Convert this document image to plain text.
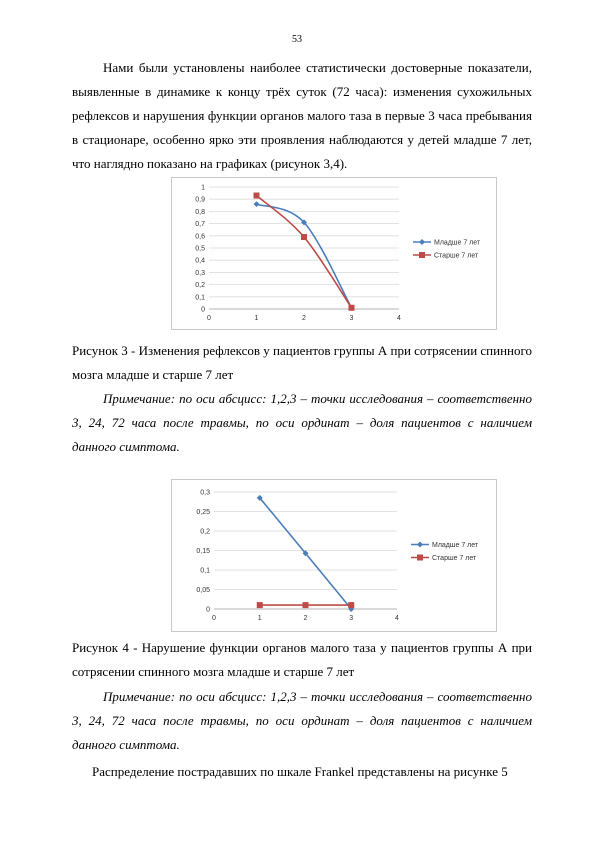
53

Нами были установлены наиболее статистически достоверные показатели, выявленные в динамике к концу трёх суток (72 часа): изменения сухожильных рефлексов и нарушения функции органов малого таза в первые 3 часа пребывания в стационаре, особенно ярко эти проявления наблюдаются у детей младше 7 лет, что наглядно показано на графиках (рисунок 3,4).

0
0,1
0,2
0,3
0,4
0,5
0,6
0,7
0,8
0,9
1
0	1	2	3	4
Младше 7 лет
Старше 7 лет

Рисунок 3 - Изменения рефлексов у пациентов группы А при сотрясении спинного мозга младше и старше 7 лет

Примечание: по оси абсцисс: 1,2,3 – точки исследования – соответственно 3, 24, 72 часа после травмы, по оси ординат – доля пациентов с наличием данного симптома.

0
0,05
0,1
0,15
0,2
0,25
0,3
0	1	2	3	4
Младше 7 лет
Старше 7 лет

Рисунок 4 - Нарушение функции органов малого таза у пациентов группы А при сотрясении спинного мозга младше и старше 7 лет

Примечание: по оси абсцисс: 1,2,3 – точки исследования – соответственно 3, 24, 72 часа после травмы, по оси ординат – доля пациентов с наличием данного симптома.

Распределение пострадавших по шкале Frankel представлены на рисунке 5
